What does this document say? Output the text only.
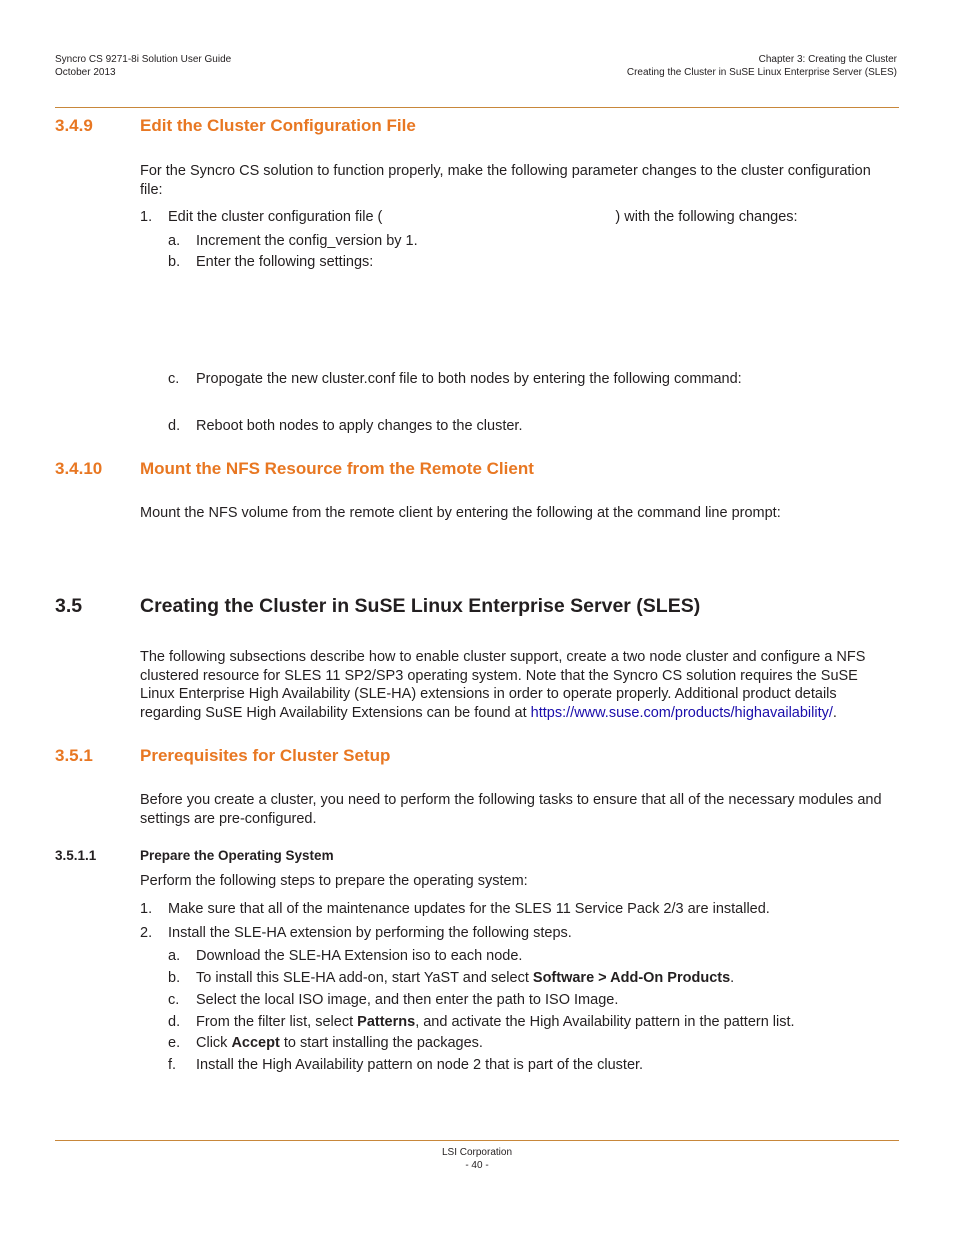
Syncro CS 9271-8i Solution User Guide
October 2013
Chapter 3: Creating the Cluster
Creating the Cluster in SuSE Linux Enterprise Server (SLES)
3.4.9	Edit the Cluster Configuration File
For the Syncro CS solution to function properly, make the following parameter changes to the cluster configuration file:
1. Edit the cluster configuration file (	) with the following changes:
a. Increment the config_version by 1.
b. Enter the following settings:
c. Propogate the new cluster.conf file to both nodes by entering the following command:
d. Reboot both nodes to apply changes to the cluster.
3.4.10 Mount the NFS Resource from the Remote Client
Mount the NFS volume from the remote client by entering the following at the command line prompt:
3.5	Creating the Cluster in SuSE Linux Enterprise Server (SLES)
The following subsections describe how to enable cluster support, create a two node cluster and configure a NFS clustered resource for SLES 11 SP2/SP3 operating system. Note that the Syncro CS solution requires the SuSE Linux Enterprise High Availability (SLE-HA) extensions in order to operate properly. Additional product details regarding SuSE High Availability Extensions can be found at https://www.suse.com/products/highavailability/.
3.5.1	Prerequisites for Cluster Setup
Before you create a cluster, you need to perform the following tasks to ensure that all of the necessary modules and settings are pre-configured.
3.5.1.1	Prepare the Operating System
Perform the following steps to prepare the operating system:
1. Make sure that all of the maintenance updates for the SLES 11 Service Pack 2/3 are installed.
2. Install the SLE-HA extension by performing the following steps.
a. Download the SLE-HA Extension iso to each node.
b. To install this SLE-HA add-on, start YaST and select Software > Add-On Products.
c. Select the local ISO image, and then enter the path to ISO Image.
d. From the filter list, select Patterns, and activate the High Availability pattern in the pattern list.
e. Click Accept to start installing the packages.
f. Install the High Availability pattern on node 2 that is part of the cluster.
LSI Corporation
- 40 -
